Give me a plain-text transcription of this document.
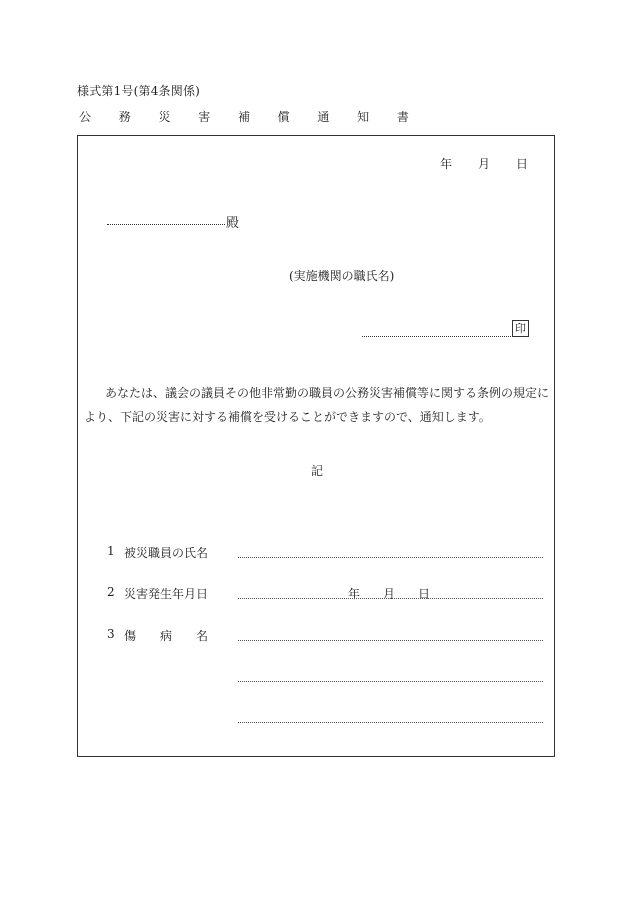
様式第1号(第4条関係)
公 務 災 害 補 償 通 知 書
年 月 日
殿
(実施機関の職氏名)
印
あなたは、議会の議員その他非常勤の職員の公務災害補償等に関する条例の規定に
より、下記の災害に対する補償を受けることができますので、通知します。
記
1 被災職員の氏名
2 災害発生年月日	年 月 日
3 傷 病 名
